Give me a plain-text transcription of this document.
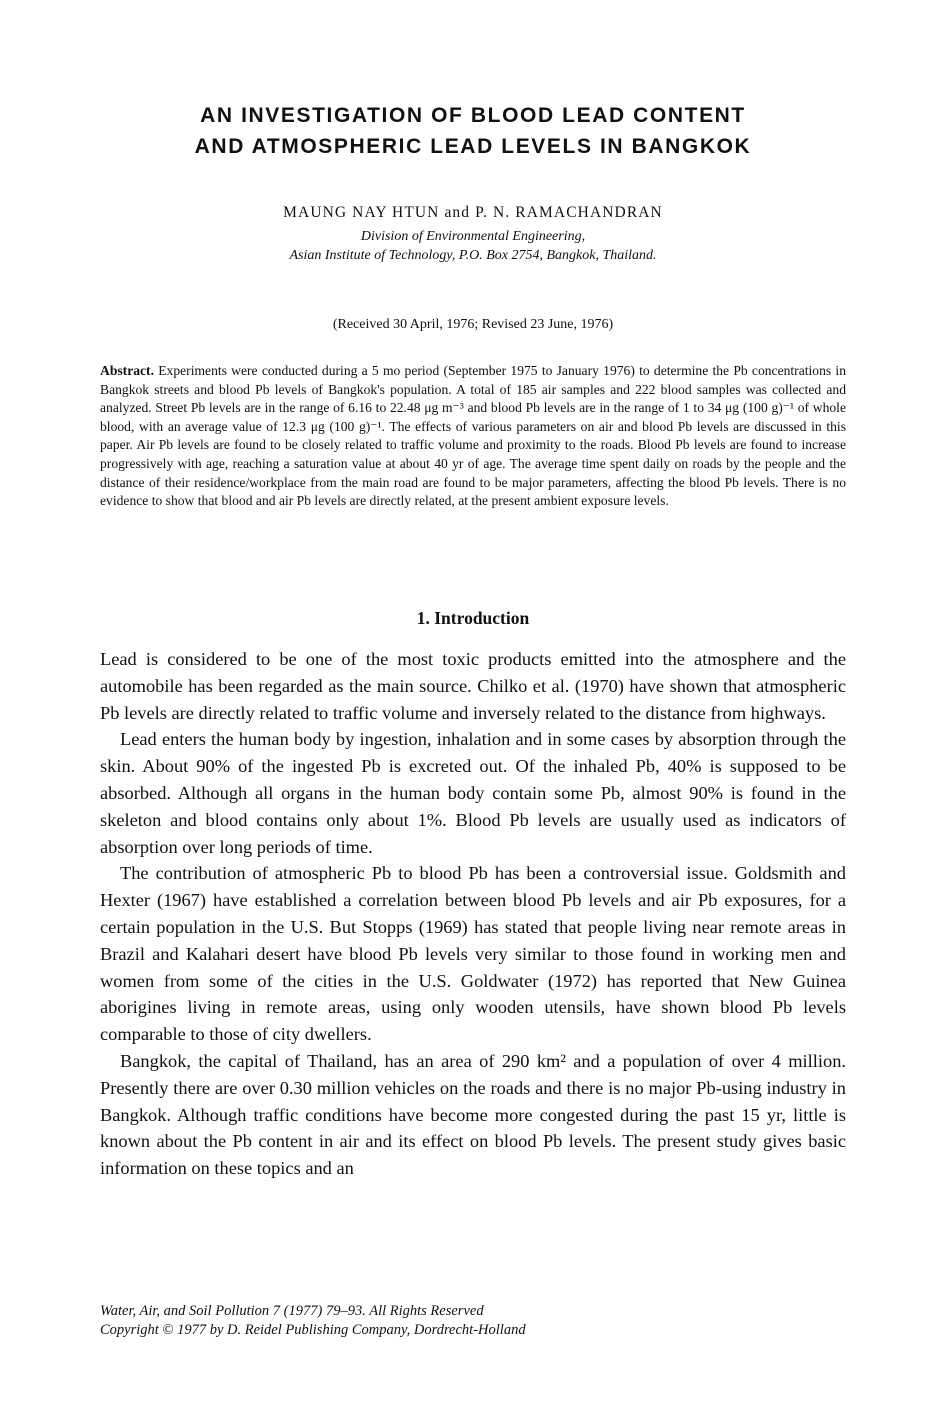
AN INVESTIGATION OF BLOOD LEAD CONTENT
AND ATMOSPHERIC LEAD LEVELS IN BANGKOK
MAUNG NAY HTUN and P. N. RAMACHANDRAN
Division of Environmental Engineering,
Asian Institute of Technology, P.O. Box 2754, Bangkok, Thailand.
(Received 30 April, 1976; Revised 23 June, 1976)
Abstract. Experiments were conducted during a 5 mo period (September 1975 to January 1976) to determine the Pb concentrations in Bangkok streets and blood Pb levels of Bangkok's population. A total of 185 air samples and 222 blood samples was collected and analyzed. Street Pb levels are in the range of 6.16 to 22.48 μg m⁻³ and blood Pb levels are in the range of 1 to 34 μg (100 g)⁻¹ of whole blood, with an average value of 12.3 μg (100 g)⁻¹. The effects of various parameters on air and blood Pb levels are discussed in this paper. Air Pb levels are found to be closely related to traffic volume and proximity to the roads. Blood Pb levels are found to increase progressively with age, reaching a saturation value at about 40 yr of age. The average time spent daily on roads by the people and the distance of their residence/workplace from the main road are found to be major parameters, affecting the blood Pb levels. There is no evidence to show that blood and air Pb levels are directly related, at the present ambient exposure levels.
1. Introduction

Lead is considered to be one of the most toxic products emitted into the atmosphere and the automobile has been regarded as the main source. Chilko et al. (1970) have shown that atmospheric Pb levels are directly related to traffic volume and inversely related to the distance from highways.

Lead enters the human body by ingestion, inhalation and in some cases by absorption through the skin. About 90% of the ingested Pb is excreted out. Of the inhaled Pb, 40% is supposed to be absorbed. Although all organs in the human body contain some Pb, almost 90% is found in the skeleton and blood contains only about 1%. Blood Pb levels are usually used as indicators of absorption over long periods of time.

The contribution of atmospheric Pb to blood Pb has been a controversial issue. Goldsmith and Hexter (1967) have established a correlation between blood Pb levels and air Pb exposures, for a certain population in the U.S. But Stopps (1969) has stated that people living near remote areas in Brazil and Kalahari desert have blood Pb levels very similar to those found in working men and women from some of the cities in the U.S. Goldwater (1972) has reported that New Guinea aborigines living in remote areas, using only wooden utensils, have shown blood Pb levels comparable to those of city dwellers.

Bangkok, the capital of Thailand, has an area of 290 km² and a population of over 4 million. Presently there are over 0.30 million vehicles on the roads and there is no major Pb-using industry in Bangkok. Although traffic conditions have become more congested during the past 15 yr, little is known about the Pb content in air and its effect on blood Pb levels. The present study gives basic information on these topics and an

Water, Air, and Soil Pollution 7 (1977) 79–93. All Rights Reserved
Copyright © 1977 by D. Reidel Publishing Company, Dordrecht-Holland
